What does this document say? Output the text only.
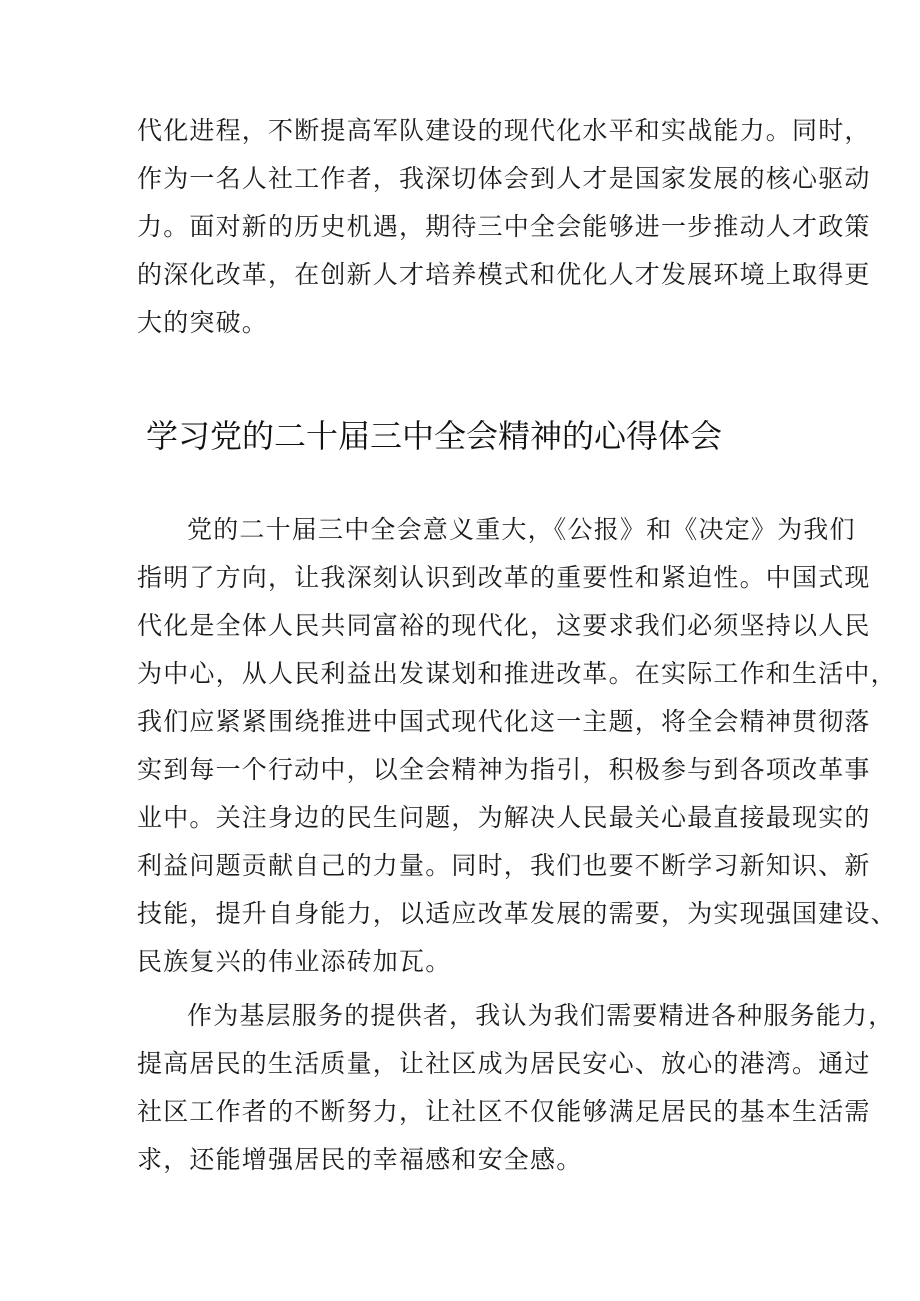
代化进程，不断提高军队建设的现代化水平和实战能力。同时，
作为一名人社工作者，我深切体会到人才是国家发展的核心驱动
力。面对新的历史机遇，期待三中全会能够进一步推动人才政策
的深化改革，在创新人才培养模式和优化人才发展环境上取得更
大的突破。
学习党的二十届三中全会精神的心得体会
党的二十届三中全会意义重大，《公报》和《决定》为我们
指明了方向，让我深刻认识到改革的重要性和紧迫性。中国式现
代化是全体人民共同富裕的现代化，这要求我们必须坚持以人民
为中心，从人民利益出发谋划和推进改革。在实际工作和生活中，
我们应紧紧围绕推进中国式现代化这一主题，将全会精神贯彻落
实到每一个行动中，以全会精神为指引，积极参与到各项改革事
业中。关注身边的民生问题，为解决人民最关心最直接最现实的
利益问题贡献自己的力量。同时，我们也要不断学习新知识、新
技能，提升自身能力，以适应改革发展的需要，为实现强国建设、
民族复兴的伟业添砖加瓦。
作为基层服务的提供者，我认为我们需要精进各种服务能力，
提高居民的生活质量，让社区成为居民安心、放心的港湾。通过
社区工作者的不断努力，让社区不仅能够满足居民的基本生活需
求，还能增强居民的幸福感和安全感。
